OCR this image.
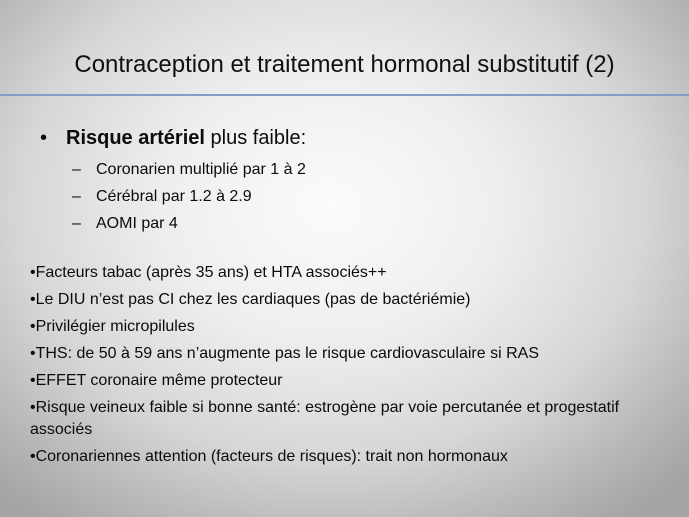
Contraception et traitement hormonal substitutif (2)
• Risque artériel plus faible:
– Coronarien multiplié par 1 à 2
– Cérébral par 1.2 à 2.9
– AOMI par 4
•Facteurs tabac (après 35 ans) et HTA associés++
•Le DIU n’est pas CI chez les cardiaques (pas de bactériémie)
•Privilégier micropilules
•THS: de 50 à 59 ans n’augmente pas le risque cardiovasculaire si RAS
•EFFET coronaire même protecteur
•Risque veineux faible si bonne santé: estrogène par voie percutanée et progestatif associés
•Coronariennes attention (facteurs de risques): trait non hormonaux
